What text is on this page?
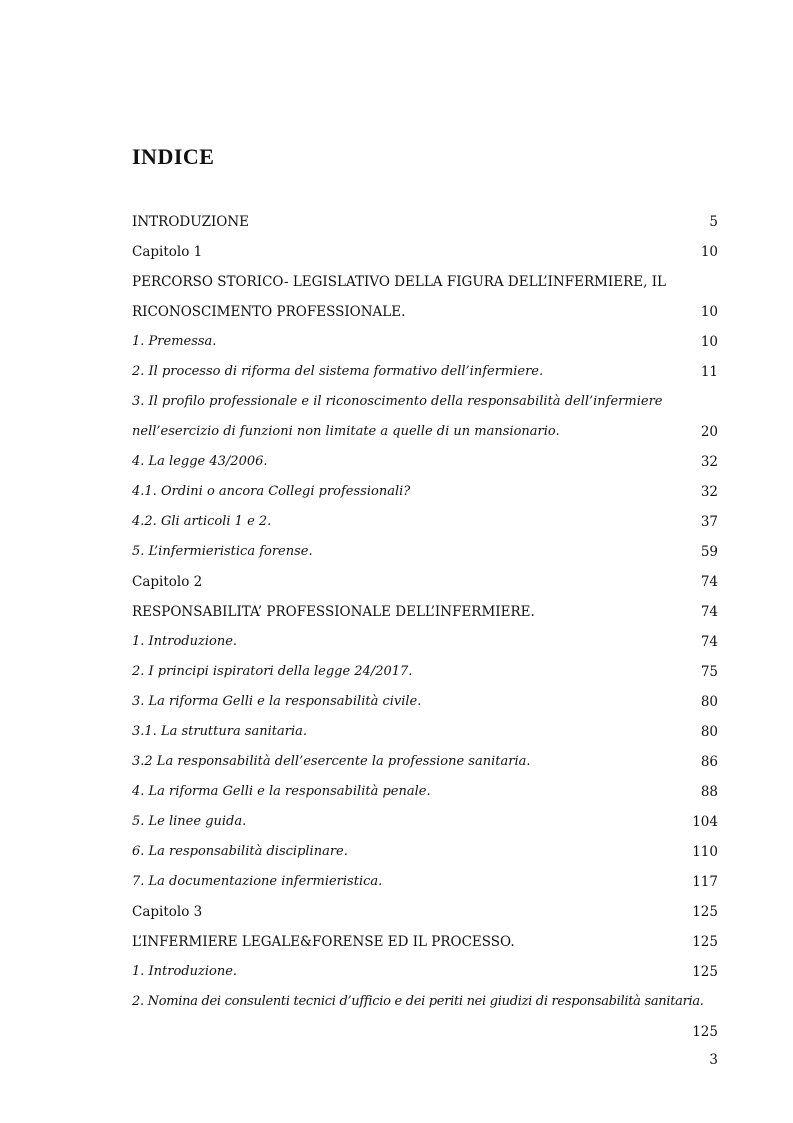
INDICE
INTRODUZIONE	5
Capitolo 1	10
PERCORSO STORICO- LEGISLATIVO DELLA FIGURA DELL’INFERMIERE, IL
RICONOSCIMENTO PROFESSIONALE.	10
1. Premessa.	10
2. Il processo di riforma del sistema formativo dell’infermiere.	11
3. Il profilo professionale e il riconoscimento della responsabilità dell’infermiere
nell’esercizio di funzioni non limitate a quelle di un mansionario.	20
4. La legge 43/2006.	32
4.1. Ordini o ancora Collegi professionali?	32
4.2. Gli articoli 1 e 2.	37
5. L’infermieristica forense.	59
Capitolo 2	74
RESPONSABILITA’ PROFESSIONALE DELL’INFERMIERE.	74
1. Introduzione.	74
2. I principi ispiratori della legge 24/2017.	75
3. La riforma Gelli e la responsabilità civile.	80
3.1. La struttura sanitaria.	80
3.2 La responsabilità dell’esercente la professione sanitaria.	86
4. La riforma Gelli e la responsabilità penale.	88
5. Le linee guida.	104
6. La responsabilità disciplinare.	110
7. La documentazione infermieristica.	117
Capitolo 3	125
L’INFERMIERE LEGALE&FORENSE ED IL PROCESSO.	125
1. Introduzione.	125
2. Nomina dei consulenti tecnici d’ufficio e dei periti nei giudizi di responsabilità sanitaria.
125
3
